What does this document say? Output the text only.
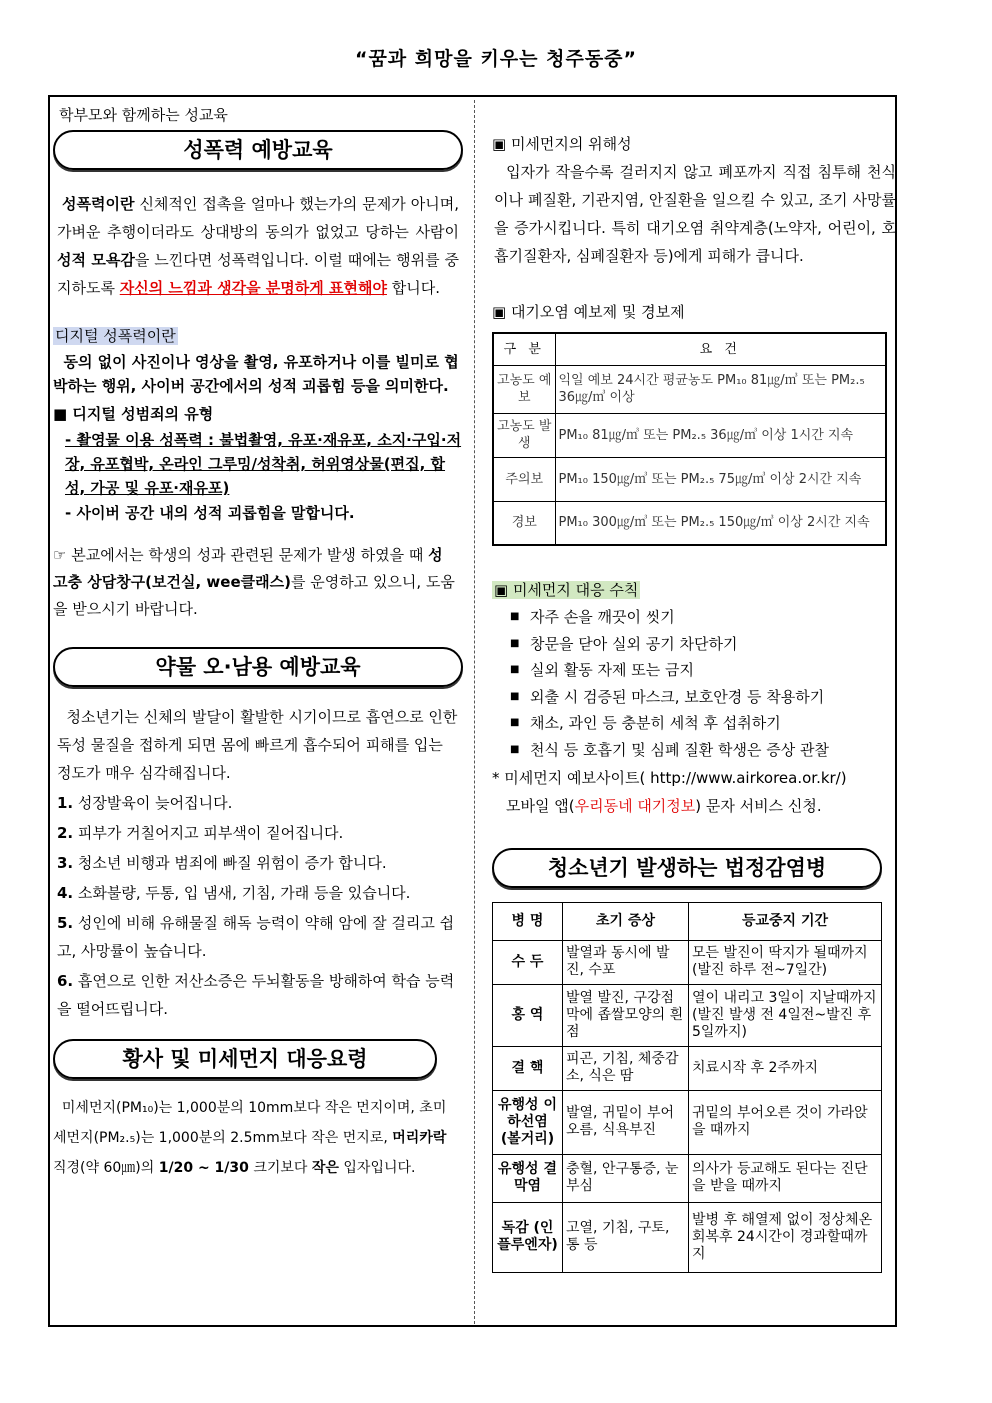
“꿈과 희망을 키우는 청주동중”
학부모와 함께하는 성교육
성폭력 예방교육

성폭력이란 신체적인 접촉을 얼마나 했는가의 문제가 아니며, 가벼운 추행이더라도 상대방의 동의가 없었고 당하는 사람이 성적 모욕감을 느낀다면 성폭력입니다. 이럴 때에는 행위를 중지하도록 자신의 느낌과 생각을 분명하게 표현해야 합니다.

디지털 성폭력이란

동의 없이 사진이나 영상을 촬영, 유포하거나 이를 빌미로 협박하는 행위, 사이버 공간에서의 성적 괴롭힘 등을 의미한다.

■ 디지털 성범죄의 유형

- 촬영물 이용 성폭력 : 불법촬영, 유포·재유포, 소지·구입·저장, 유포협박, 온라인 그루밍/성착취, 허위영상물(편집, 합성, 가공 및 유포·재유포)

- 사이버 공간 내의 성적 괴롭힘을 말합니다.

☞ 본교에서는 학생의 성과 관련된 문제가 발생 하였을 때 성고충 상담창구(보건실, wee클래스)를 운영하고 있으니, 도움을 받으시기 바랍니다.

약물 오·남용 예방교육

청소년기는 신체의 발달이 활발한 시기이므로 흡연으로 인한 독성 물질을 접하게 되면 몸에 빠르게 흡수되어 피해를 입는 정도가 매우 심각해집니다.

1. 성장발육이 늦어집니다.

2. 피부가 거칠어지고 피부색이 짙어집니다.

3. 청소년 비행과 범죄에 빠질 위험이 증가 합니다.

4. 소화불량, 두통, 입 냄새, 기침, 가래 등을 있습니다.

5. 성인에 비해 유해물질 해독 능력이 약해 암에 잘 걸리고 쉽고, 사망률이 높습니다.

6. 흡연으로 인한 저산소증은 두뇌활동을 방해하여 학습 능력을 떨어뜨립니다.

황사 및 미세먼지 대응요령

미세먼지(PM₁₀)는 1,000분의 10mm보다 작은 먼지이며, 초미세먼지(PM₂.₅)는 1,000분의 2.5mm보다 작은 먼지로, 머리카락 직경(약 60㎛)의 1/20 ~ 1/30 크기보다 작은 입자입니다.

▣ 미세먼지의 위해성

입자가 작을수록 걸러지지 않고 폐포까지 직접 침투해 천식이나 폐질환, 기관지염, 안질환을 일으킬 수 있고, 조기 사망률을 증가시킵니다. 특히 대기오염 취약계층(노약자, 어린이, 호흡기질환자, 심폐질환자 등)에게 피해가 큽니다.

▣ 대기오염 예보제 및 경보제
구 분	요 건
고농도 예보	익일 예보 24시간 평균농도 PM₁₀ 81㎍/㎥ 또는 PM₂.₅ 36㎍/㎥ 이상
고농도 발생	PM₁₀ 81㎍/㎥ 또는 PM₂.₅ 36㎍/㎥ 이상 1시간 지속
주의보	PM₁₀ 150㎍/㎥ 또는 PM₂.₅ 75㎍/㎥ 이상 2시간 지속
경보	PM₁₀ 300㎍/㎥ 또는 PM₂.₅ 150㎍/㎥ 이상 2시간 지속
▣ 미세먼지 대응 수칙
■ 자주 손을 깨끗이 씻기
■ 창문을 닫아 실외 공기 차단하기
■ 실외 활동 자제 또는 금지
■ 외출 시 검증된 마스크, 보호안경 등 착용하기
■ 채소, 과인 등 충분히 세척 후 섭취하기
■ 천식 등 호흡기 및 심폐 질환 학생은 증상 관찰
* 미세먼지 예보사이트( http://www.airkorea.or.kr/)
모바일 앱(우리동네 대기정보) 문자 서비스 신청.
청소년기 발생하는 법정감염병
병 명	초기 증상	등교중지 기간
수 두	발열과 동시에 발진, 수포	모든 발진이 딱지가 될때까지(발진 하루 전~7일간)
홍 역	발열 발진, 구강점막에 좁쌀모양의 흰점	열이 내리고 3일이 지날때까지(발진 발생 전 4일전~발진 후 5일까지)
결 핵	피곤, 기침, 체중감소, 식은 땀	치료시작 후 2주까지
유행성 이하선염 (볼거리)	발열, 귀밑이 부어오름, 식욕부진	귀밑의 부어오른 것이 가라앉을 때까지
유행성 결막염	충혈, 안구통증, 눈부심	의사가 등교해도 된다는 진단을 받을 때까지
독감 (인플루엔자)	고열, 기침, 구토, 통 등	발병 후 해열제 없이 정상체온 회복후 24시간이 경과할때까지
